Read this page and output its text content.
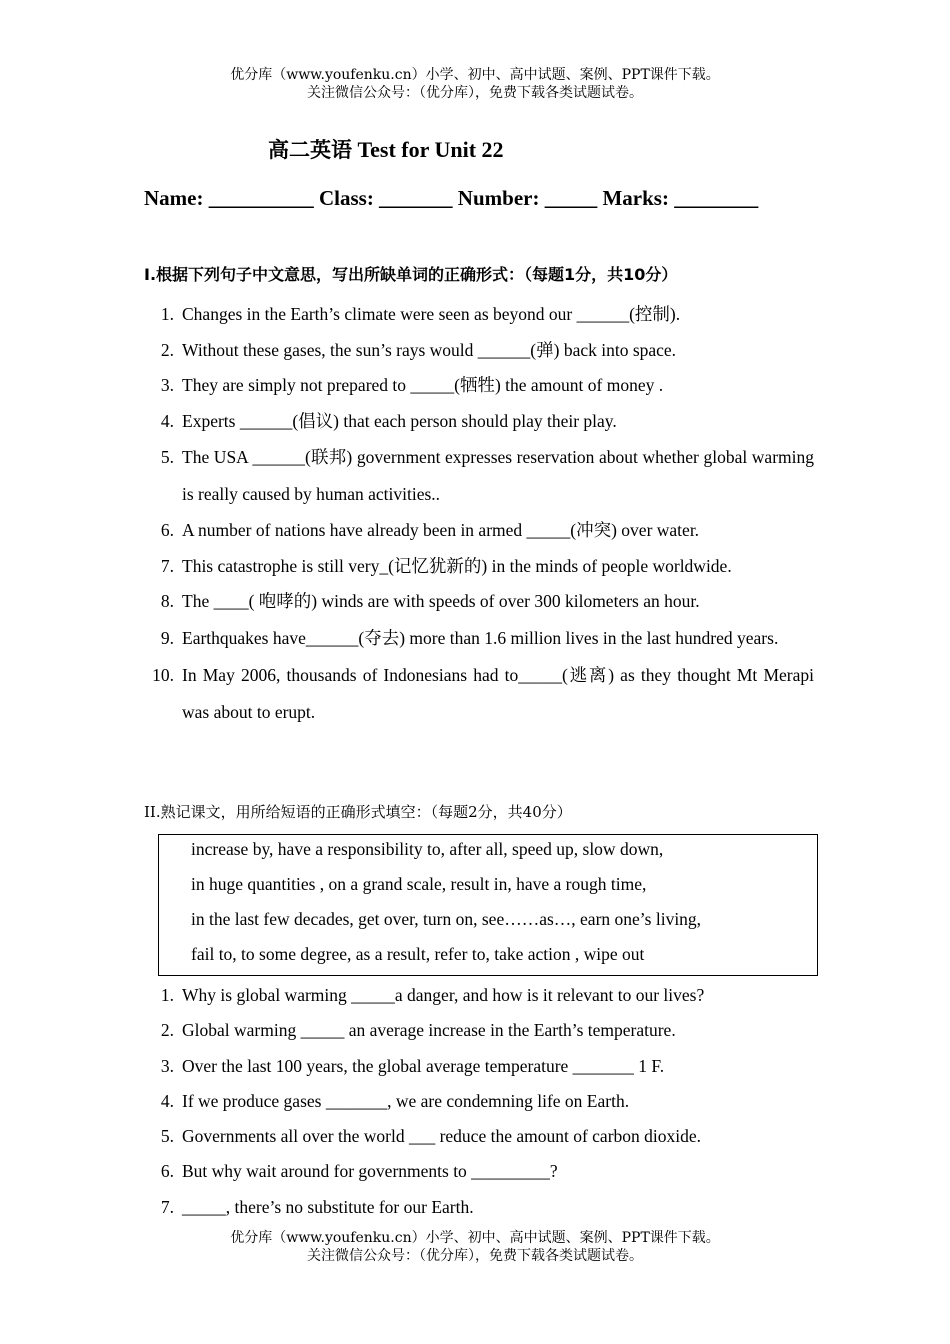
优分库（www.youfenku.cn）小学、初中、高中试题、案例、PPT课件下载。
关注微信公众号：（优分库），免费下载各类试题试卷。
高二英语 Test for Unit 22
Name: __________ Class: _______ Number: _____ Marks: ________
I.根据下列句子中文意思，写出所缺单词的正确形式：（每题1分，共10分）
1. Changes in the Earth’s climate were seen as beyond our ______(控制).
2. Without these gases, the sun’s rays would ______(弹) back into space.
3. They are simply not prepared to _____(牺牲) the amount of money .
4. Experts ______(倡议) that each person should play their play.
5. The USA ______(联邦) government expresses reservation about whether global warming is really caused by human activities..
6. A number of nations have already been in armed _____(冲突) over water.
7. This catastrophe is still very_(记忆犹新的) in the minds of people worldwide.
8. The ____( 咆哮的) winds are with speeds of over 300 kilometers an hour.
9. Earthquakes have______(夺去) more than 1.6 million lives in the last hundred years.
10. In May 2006, thousands of Indonesians had to_____(逃离) as they thought Mt Merapi was about to erupt.
II.熟记课文，用所给短语的正确形式填空：（每题2分，共40分）
increase by, have a responsibility to, after all, speed up, slow down,
in huge quantities , on a grand scale, result in, have a rough time,
in the last few decades, get over, turn on, see……as…, earn one’s living,
fail to, to some degree, as a result, refer to, take action , wipe out
1. Why is global warming _____a danger, and how is it relevant to our lives?
2. Global warming _____ an average increase in the Earth’s temperature.
3. Over the last 100 years, the global average temperature _______ 1 F.
4. If we produce gases _______, we are condemning life on Earth.
5. Governments all over the world ___ reduce the amount of carbon dioxide.
6. But why wait around for governments to _________?
7. _____, there’s no substitute for our Earth.
优分库（www.youfenku.cn）小学、初中、高中试题、案例、PPT课件下载。
关注微信公众号：（优分库），免费下载各类试题试卷。
